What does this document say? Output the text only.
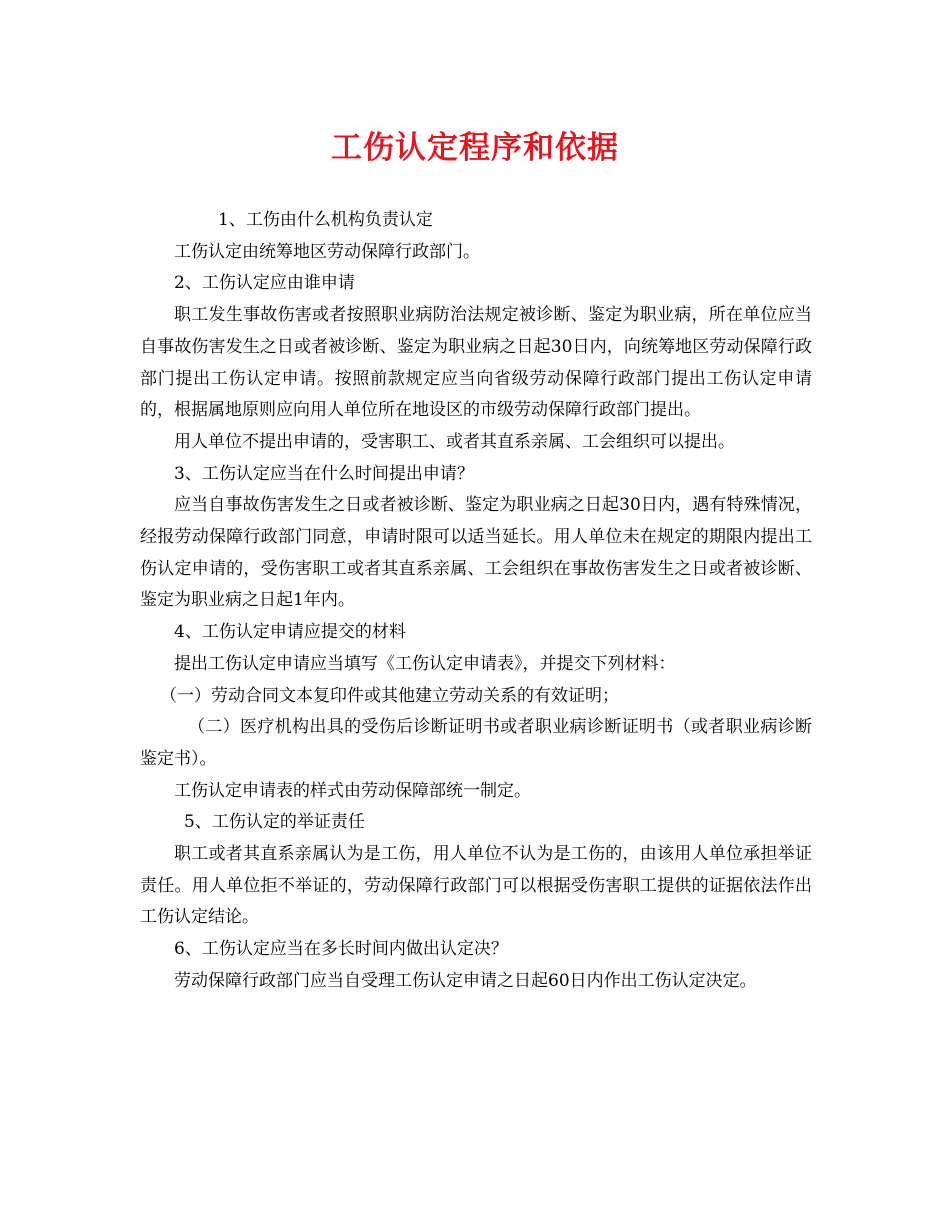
工伤认定程序和依据

1、工伤由什么机构负责认定

工伤认定由统筹地区劳动保障行政部门。

2、工伤认定应由谁申请

职工发生事故伤害或者按照职业病防治法规定被诊断、鉴定为职业病，所在单位应当自事故伤害发生之日或者被诊断、鉴定为职业病之日起30日内，向统筹地区劳动保障行政部门提出工伤认定申请。按照前款规定应当向省级劳动保障行政部门提出工伤认定申请的，根据属地原则应向用人单位所在地设区的市级劳动保障行政部门提出。

用人单位不提出申请的，受害职工、或者其直系亲属、工会组织可以提出。

3、工伤认定应当在什么时间提出申请？

应当自事故伤害发生之日或者被诊断、鉴定为职业病之日起30日内，遇有特殊情况，经报劳动保障行政部门同意，申请时限可以适当延长。用人单位未在规定的期限内提出工伤认定申请的，受伤害职工或者其直系亲属、工会组织在事故伤害发生之日或者被诊断、鉴定为职业病之日起1年内。

4、工伤认定申请应提交的材料

提出工伤认定申请应当填写《工伤认定申请表》，并提交下列材料：

（一）劳动合同文本复印件或其他建立劳动关系的有效证明；

（二）医疗机构出具的受伤后诊断证明书或者职业病诊断证明书（或者职业病诊断鉴定书）。

工伤认定申请表的样式由劳动保障部统一制定。

5、工伤认定的举证责任

职工或者其直系亲属认为是工伤，用人单位不认为是工伤的，由该用人单位承担举证责任。用人单位拒不举证的，劳动保障行政部门可以根据受伤害职工提供的证据依法作出工伤认定结论。

6、工伤认定应当在多长时间内做出认定决？

劳动保障行政部门应当自受理工伤认定申请之日起60日内作出工伤认定决定。
